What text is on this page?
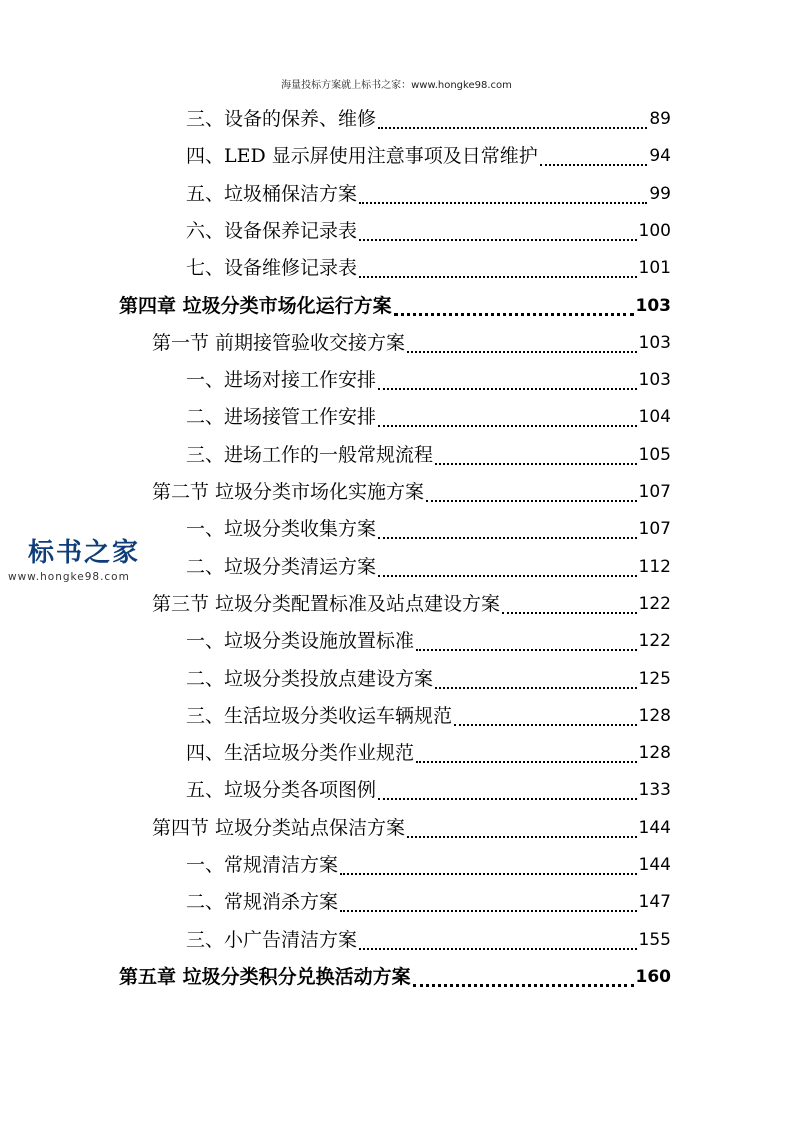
海量投标方案就上标书之家：www.hongke98.com
标书之家
www.hongke98.com
三、设备的保养、维修	89
四、LED 显示屏使用注意事项及日常维护	94
五、垃圾桶保洁方案	99
六、设备保养记录表	100
七、设备维修记录表	101
第四章 垃圾分类市场化运行方案	103
第一节 前期接管验收交接方案	103
一、进场对接工作安排	103
二、进场接管工作安排	104
三、进场工作的一般常规流程	105
第二节 垃圾分类市场化实施方案	107
一、垃圾分类收集方案	107
二、垃圾分类清运方案	112
第三节 垃圾分类配置标准及站点建设方案	122
一、垃圾分类设施放置标准	122
二、垃圾分类投放点建设方案	125
三、生活垃圾分类收运车辆规范	128
四、生活垃圾分类作业规范	128
五、垃圾分类各项图例	133
第四节 垃圾分类站点保洁方案	144
一、常规清洁方案	144
二、常规消杀方案	147
三、小广告清洁方案	155
第五章 垃圾分类积分兑换活动方案	160
